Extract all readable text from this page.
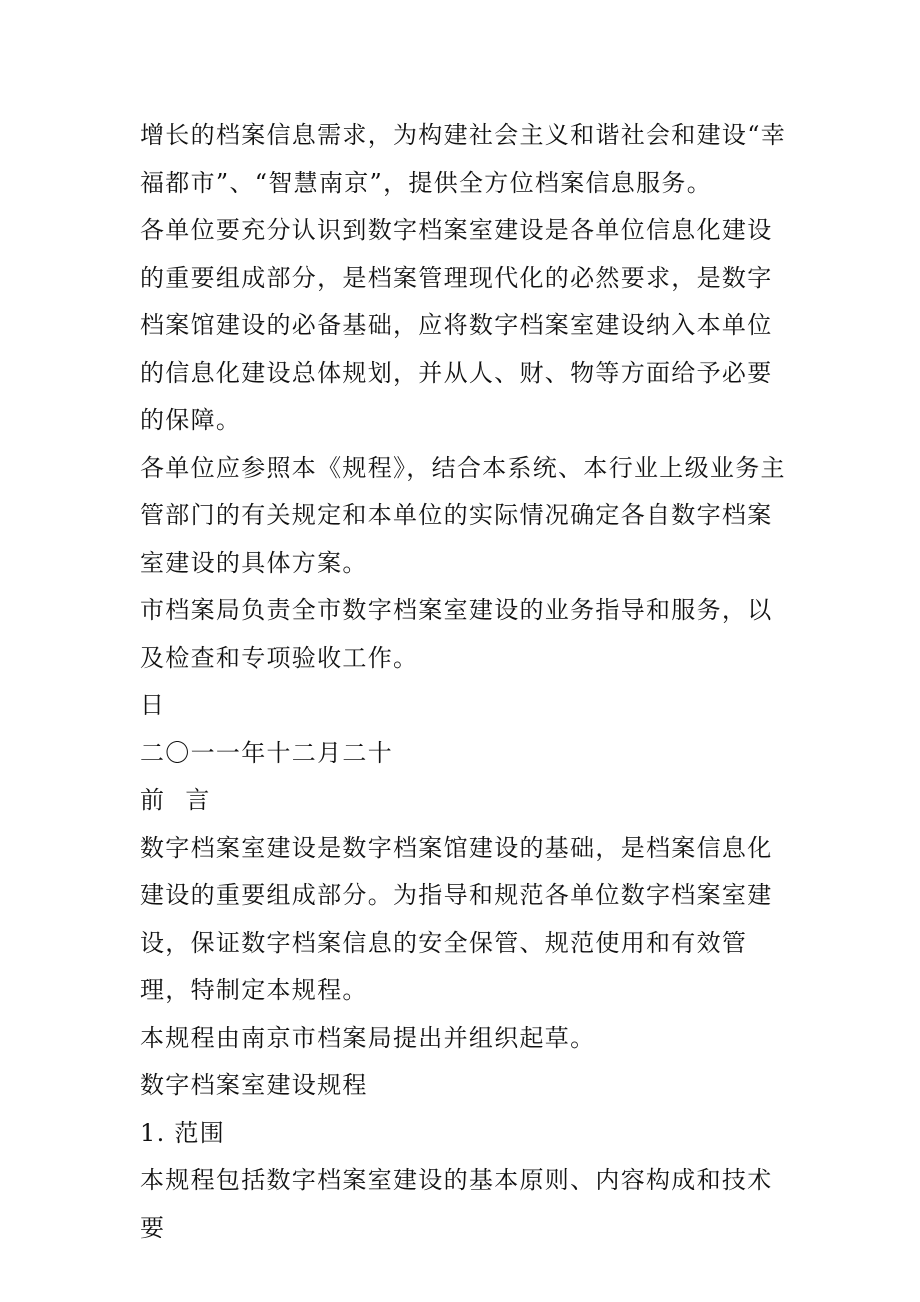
增长的档案信息需求，为构建社会主义和谐社会和建设“幸福都市”、“智慧南京”，提供全方位档案信息服务。

各单位要充分认识到数字档案室建设是各单位信息化建设的重要组成部分，是档案管理现代化的必然要求，是数字档案馆建设的必备基础，应将数字档案室建设纳入本单位的信息化建设总体规划，并从人、财、物等方面给予必要的保障。

各单位应参照本《规程》，结合本系统、本行业上级业务主管部门的有关规定和本单位的实际情况确定各自数字档案室建设的具体方案。

市档案局负责全市数字档案室建设的业务指导和服务，以及检查和专项验收工作。

日

二〇一一年十二月二十

前 言

数字档案室建设是数字档案馆建设的基础，是档案信息化建设的重要组成部分。为指导和规范各单位数字档案室建设，保证数字档案信息的安全保管、规范使用和有效管理，特制定本规程。

本规程由南京市档案局提出并组织起草。

数字档案室建设规程

1. 范围

本规程包括数字档案室建设的基本原则、内容构成和技术要
